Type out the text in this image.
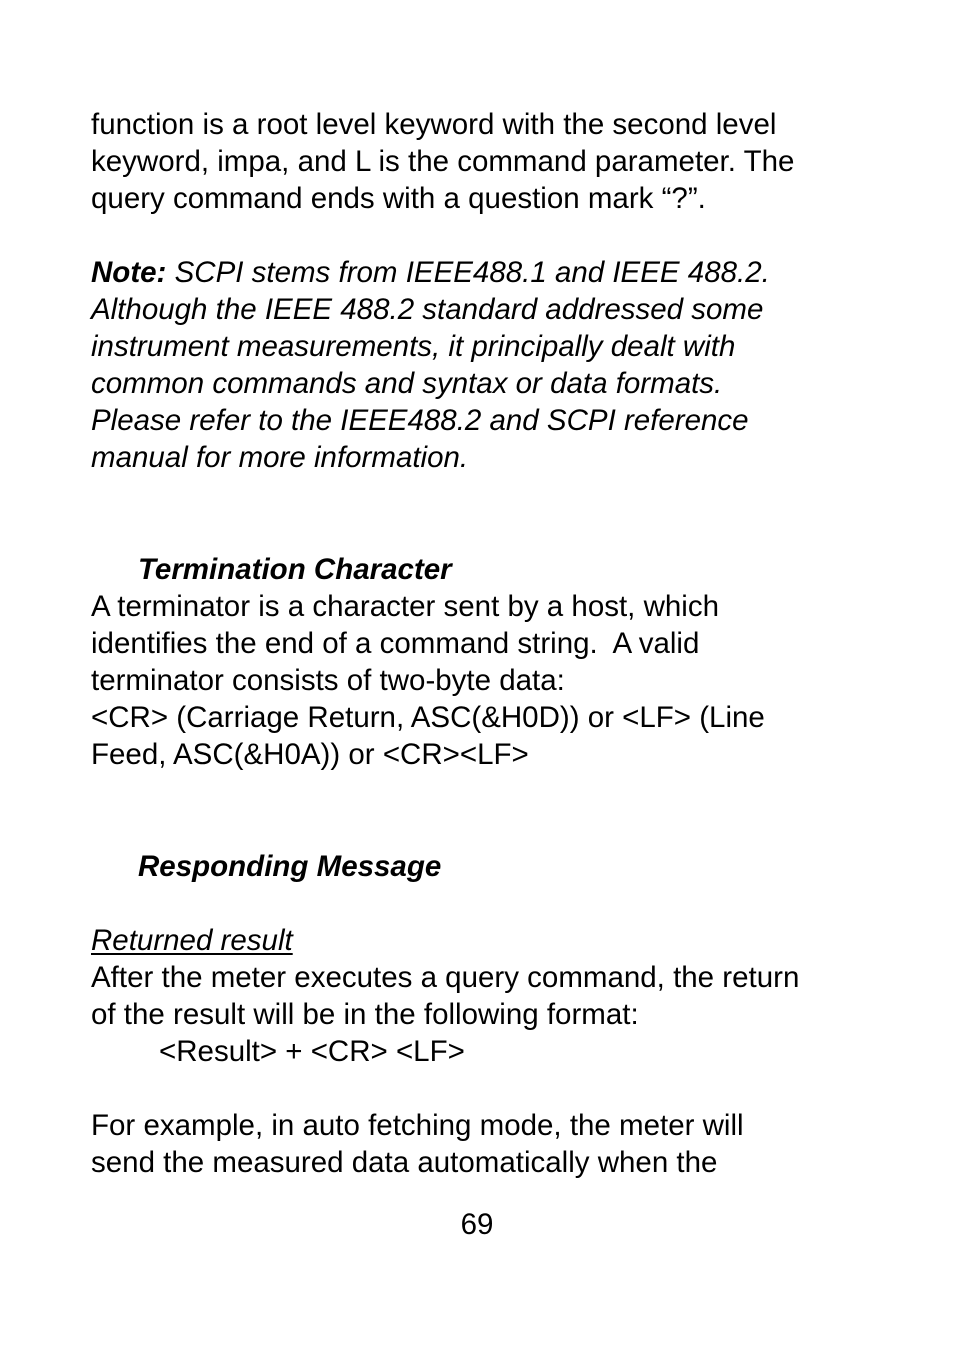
function is a root level keyword with the second level
keyword, impa, and L is the command parameter. The
query command ends with a question mark “?”.

Note: SCPI stems from IEEE488.1 and IEEE 488.2.
Although the IEEE 488.2 standard addressed some
instrument measurements, it principally dealt with
common commands and syntax or data formats.
Please refer to the IEEE488.2 and SCPI reference
manual for more information.

Termination Character

A terminator is a character sent by a host, which
identifies the end of a command string.  A valid
terminator consists of two-byte data:
<CR> (Carriage Return, ASC(&H0D)) or <LF> (Line
Feed, ASC(&H0A)) or <CR><LF>

Responding Message
Returned result

After the meter executes a query command, the return
of the result will be in the following format:
<Result> + <CR> <LF>

For example, in auto fetching mode, the meter will
send the measured data automatically when the

69
